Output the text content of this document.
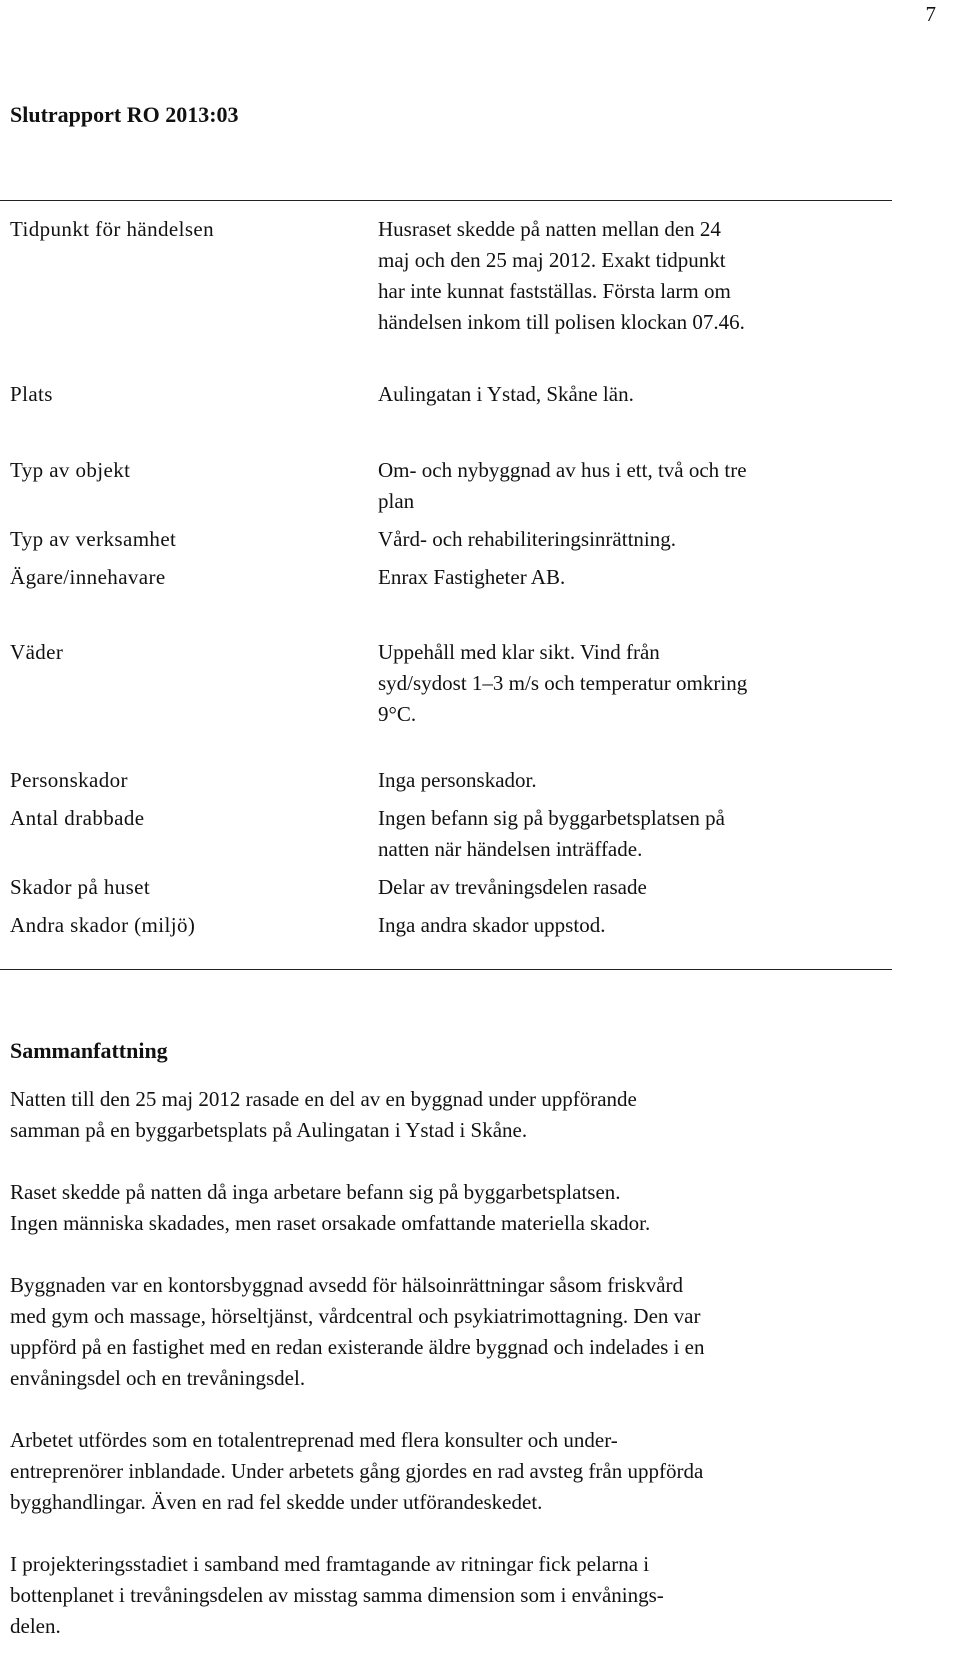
7
Slutrapport RO 2013:03
Tidpunkt för händelsen
Plats
Typ av objekt
Typ av verksamhet
Ägare/innehavare
Väder
Personskador
Antal drabbade
Skador på huset
Andra skador (miljö)
Husraset skedde på natten mellan den 24
maj och den 25 maj 2012. Exakt tidpunkt
har inte kunnat fastställas. Första larm om
händelsen inkom till polisen klockan 07.46.
Aulingatan i Ystad, Skåne län.
Om- och nybyggnad av hus i ett, två och tre
plan
Vård- och rehabiliteringsinrättning.
Enrax Fastigheter AB.
Uppehåll med klar sikt. Vind från
syd/sydost 1–3 m/s och temperatur omkring
9°C.
Inga personskador.
Ingen befann sig på byggarbetsplatsen på
natten när händelsen inträffade.
Delar av trevåningsdelen rasade
Inga andra skador uppstod.
Sammanfattning
Natten till den 25 maj 2012 rasade en del av en byggnad under uppförande
samman på en byggarbetsplats på Aulingatan i Ystad i Skåne.
Raset skedde på natten då inga arbetare befann sig på byggarbetsplatsen.
Ingen människa skadades, men raset orsakade omfattande materiella skador.
Byggnaden var en kontorsbyggnad avsedd för hälsoinrättningar såsom friskvård
med gym och massage, hörseltjänst, vårdcentral och psykiatrimottagning. Den var
uppförd på en fastighet med en redan existerande äldre byggnad och indelades i en
envåningsdel och en trevåningsdel.
Arbetet utfördes som en totalentreprenad med flera konsulter och under-
entreprenörer inblandade. Under arbetets gång gjordes en rad avsteg från uppförda
bygghandlingar. Även en rad fel skedde under utförandeskedet.
I projekteringsstadiet i samband med framtagande av ritningar fick pelarna i
bottenplanet i trevåningsdelen av misstag samma dimension som i envånings-
delen.
